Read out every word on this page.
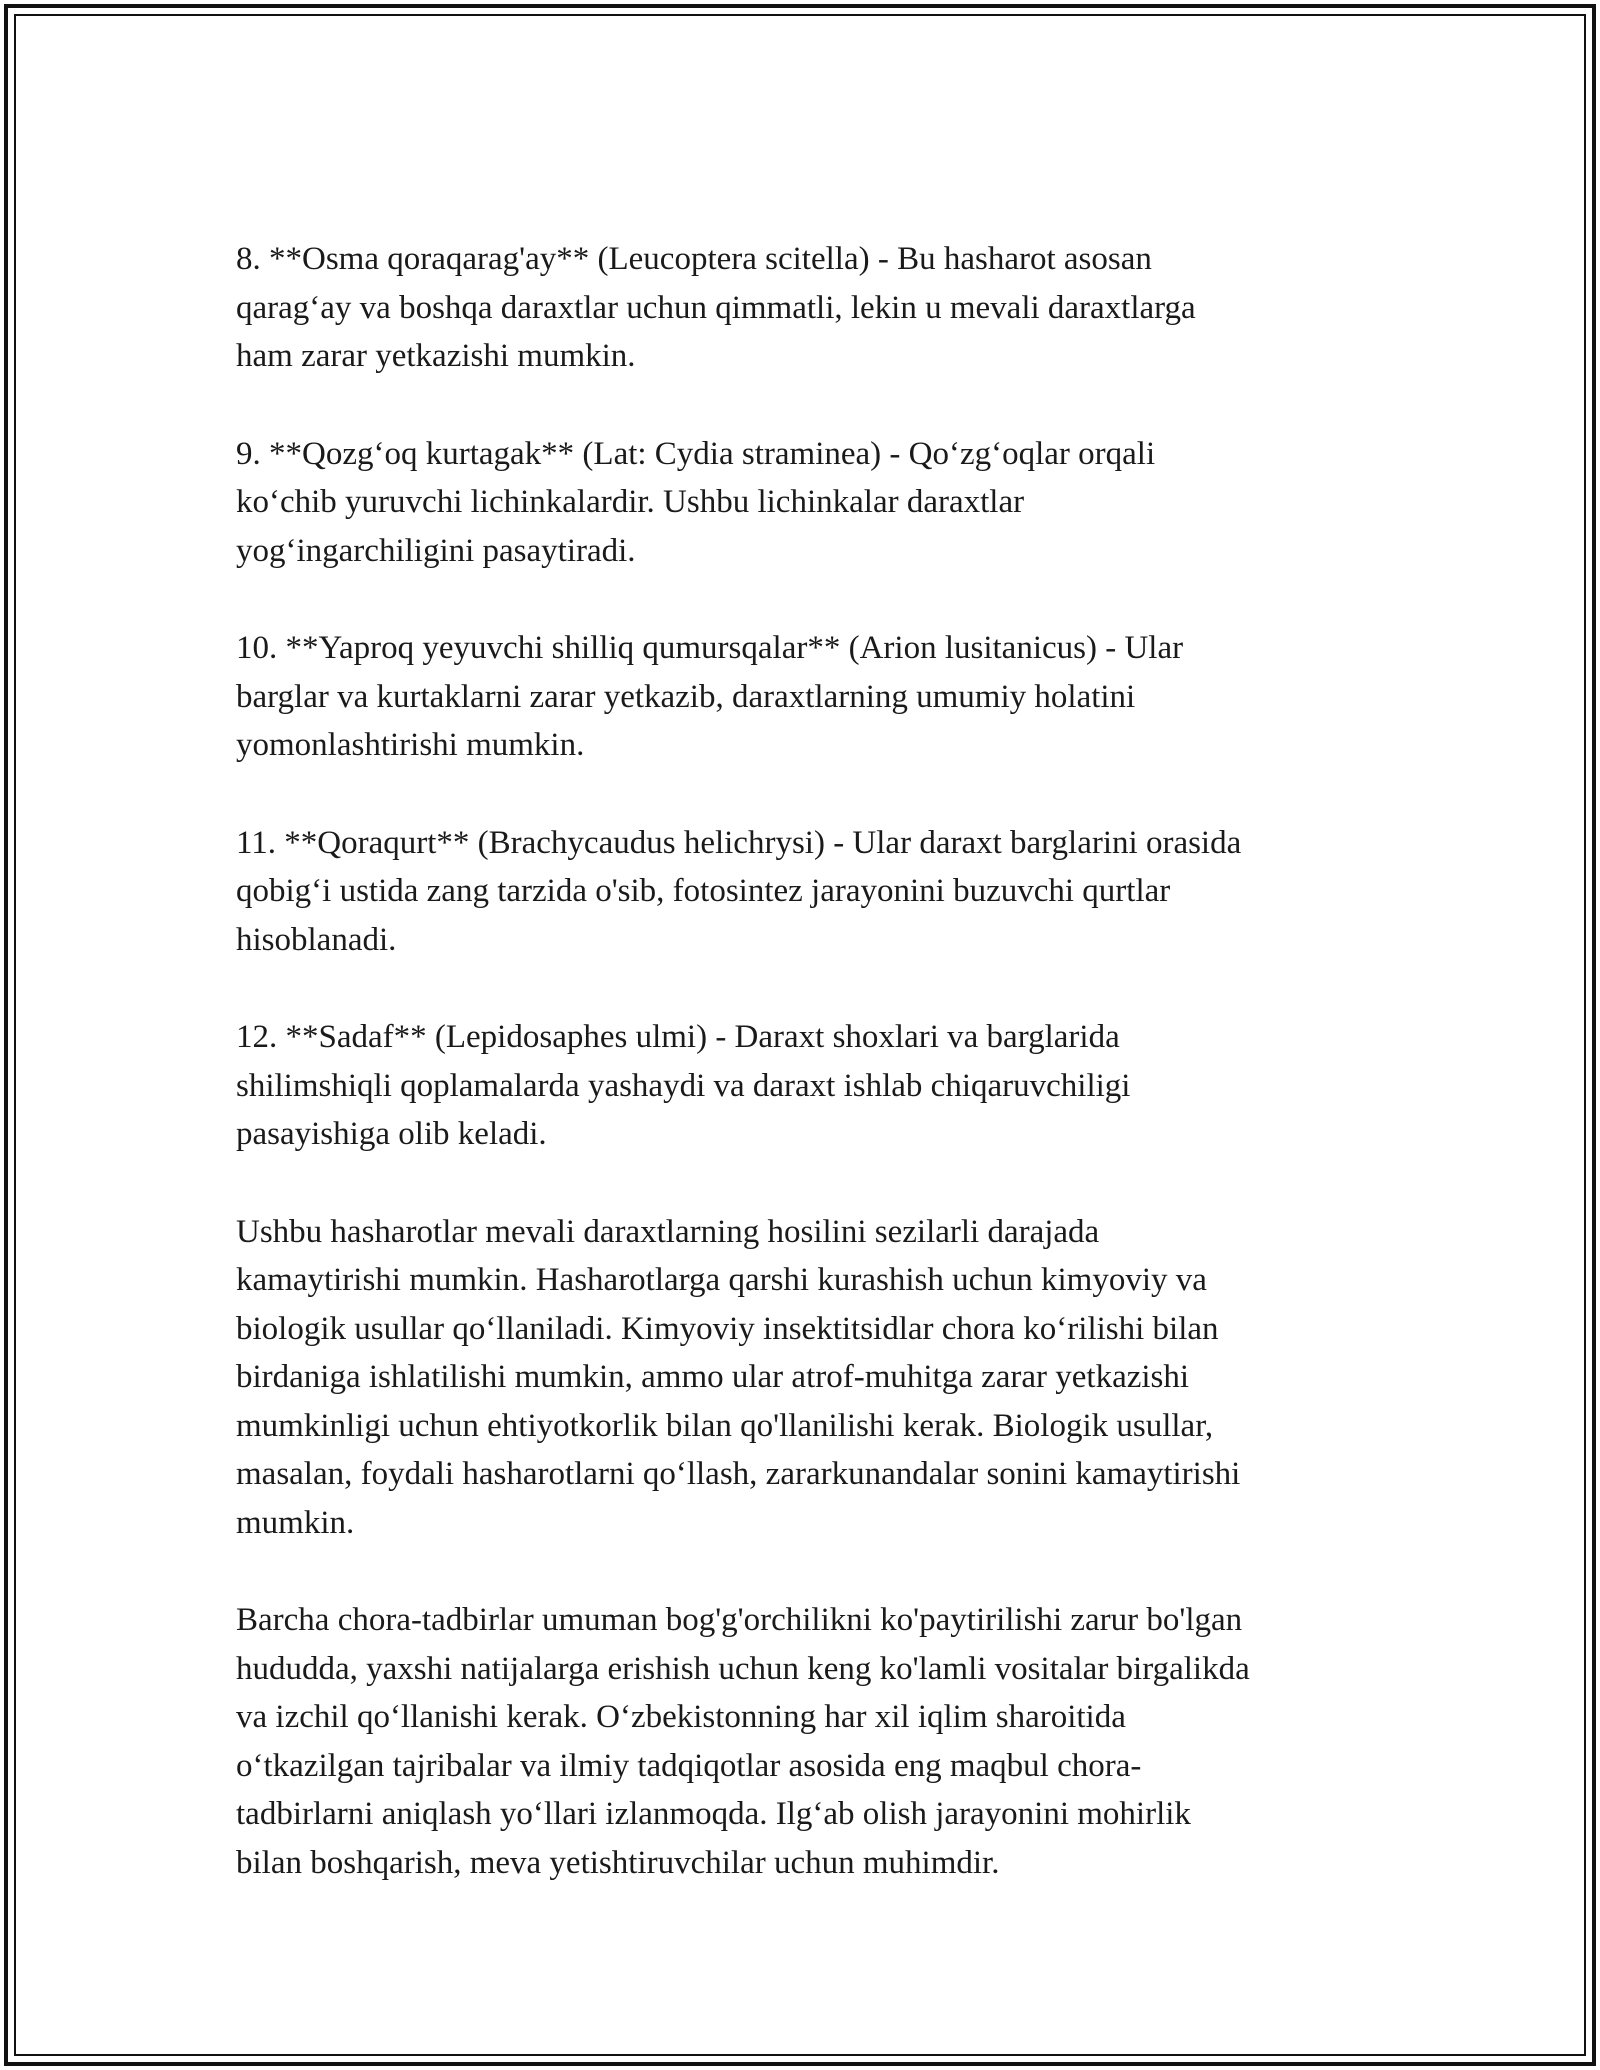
8. **Osma qoraqarag'ay** (Leucoptera scitella) - Bu hasharot asosan
qarag‘ay va boshqa daraxtlar uchun qimmatli, lekin u mevali daraxtlarga
ham zarar yetkazishi mumkin.

9. **Qozg‘oq kurtagak** (Lat: Cydia straminea) - Qo‘zg‘oqlar orqali
ko‘chib yuruvchi lichinkalardir. Ushbu lichinkalar daraxtlar
yog‘ingarchiligini pasaytiradi.

10. **Yaproq yeyuvchi shilliq qumursqalar** (Arion lusitanicus) - Ular
barglar va kurtaklarni zarar yetkazib, daraxtlarning umumiy holatini
yomonlashtirishi mumkin.

11. **Qoraqurt** (Brachycaudus helichrysi) - Ular daraxt barglarini orasida
qobig‘i ustida zang tarzida o'sib, fotosintez jarayonini buzuvchi qurtlar
hisoblanadi.

12. **Sadaf** (Lepidosaphes ulmi) - Daraxt shoxlari va barglarida
shilimshiqli qoplamalarda yashaydi va daraxt ishlab chiqaruvchiligi
pasayishiga olib keladi.

Ushbu hasharotlar mevali daraxtlarning hosilini sezilarli darajada
kamaytirishi mumkin. Hasharotlarga qarshi kurashish uchun kimyoviy va
biologik usullar qo‘llaniladi. Kimyoviy insektitsidlar chora ko‘rilishi bilan
birdaniga ishlatilishi mumkin, ammo ular atrof-muhitga zarar yetkazishi
mumkinligi uchun ehtiyotkorlik bilan qo'llanilishi kerak. Biologik usullar,
masalan, foydali hasharotlarni qo‘llash, zararkunandalar sonini kamaytirishi
mumkin.

Barcha chora-tadbirlar umuman bog'g'orchilikni ko'paytirilishi zarur bo'lgan
hududda, yaxshi natijalarga erishish uchun keng ko'lamli vositalar birgalikda
va izchil qo‘llanishi kerak. O‘zbekistonning har xil iqlim sharoitida
o‘tkazilgan tajribalar va ilmiy tadqiqotlar asosida eng maqbul chora-
tadbirlarni aniqlash yo‘llari izlanmoqda. Ilg‘ab olish jarayonini mohirlik
bilan boshqarish, meva yetishtiruvchilar uchun muhimdir.
